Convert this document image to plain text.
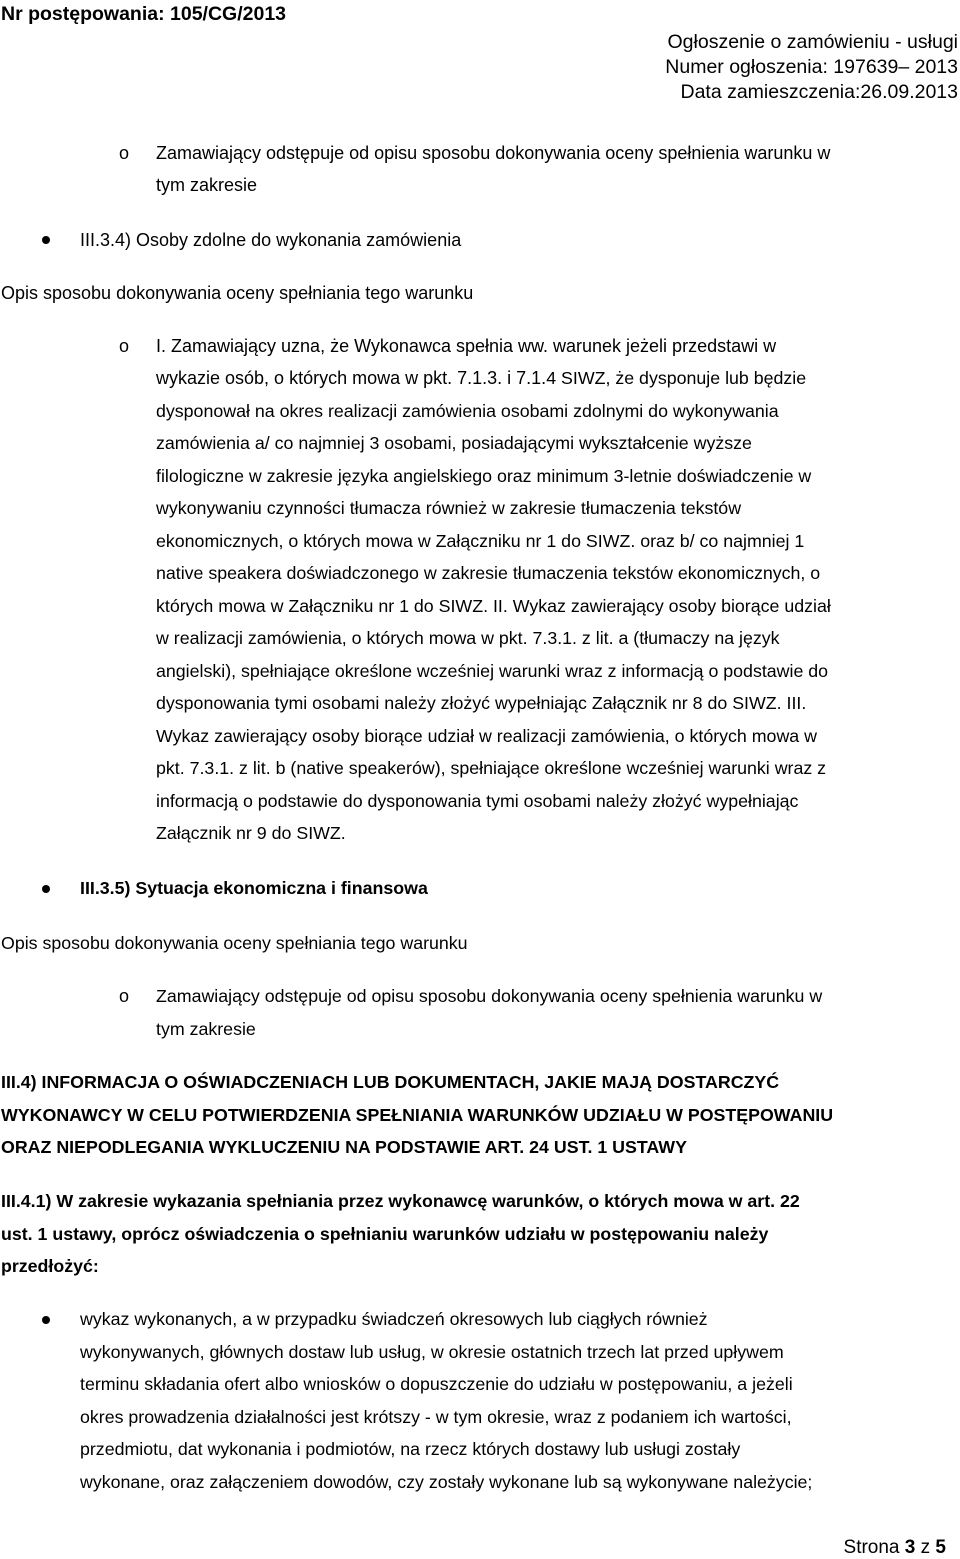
Nr postępowania: 105/CG/2013
Ogłoszenie o zamówieniu - usługi
Numer ogłoszenia: 197639– 2013
Data zamieszczenia:26.09.2013
o Zamawiający odstępuje od opisu sposobu dokonywania oceny spełnienia warunku w
tym zakresie
III.3.4) Osoby zdolne do wykonania zamówienia
Opis sposobu dokonywania oceny spełniania tego warunku
o I. Zamawiający uzna, że Wykonawca spełnia ww. warunek jeżeli przedstawi w
wykazie osób, o których mowa w pkt. 7.1.3. i 7.1.4 SIWZ, że dysponuje lub będzie
dysponował na okres realizacji zamówienia osobami zdolnymi do wykonywania
zamówienia a/ co najmniej 3 osobami, posiadającymi wykształcenie wyższe
filologiczne w zakresie języka angielskiego oraz minimum 3-letnie doświadczenie w
wykonywaniu czynności tłumacza również w zakresie tłumaczenia tekstów
ekonomicznych, o których mowa w Załączniku nr 1 do SIWZ. oraz b/ co najmniej 1
native speakera doświadczonego w zakresie tłumaczenia tekstów ekonomicznych, o
których mowa w Załączniku nr 1 do SIWZ. II. Wykaz zawierający osoby biorące udział
w realizacji zamówienia, o których mowa w pkt. 7.3.1. z lit. a (tłumaczy na język
angielski), spełniające określone wcześniej warunki wraz z informacją o podstawie do
dysponowania tymi osobami należy złożyć wypełniając Załącznik nr 8 do SIWZ. III.
Wykaz zawierający osoby biorące udział w realizacji zamówienia, o których mowa w
pkt. 7.3.1. z lit. b (native speakerów), spełniające określone wcześniej warunki wraz z
informacją o podstawie do dysponowania tymi osobami należy złożyć wypełniając
Załącznik nr 9 do SIWZ.
III.3.5) Sytuacja ekonomiczna i finansowa
Opis sposobu dokonywania oceny spełniania tego warunku
o Zamawiający odstępuje od opisu sposobu dokonywania oceny spełnienia warunku w
tym zakresie
III.4) INFORMACJA O OŚWIADCZENIACH LUB DOKUMENTACH, JAKIE MAJĄ DOSTARCZYĆ
WYKONAWCY W CELU POTWIERDZENIA SPEŁNIANIA WARUNKÓW UDZIAŁU W POSTĘPOWANIU
ORAZ NIEPODLEGANIA WYKLUCZENIU NA PODSTAWIE ART. 24 UST. 1 USTAWY
III.4.1) W zakresie wykazania spełniania przez wykonawcę warunków, o których mowa w art. 22
ust. 1 ustawy, oprócz oświadczenia o spełnianiu warunków udziału w postępowaniu należy
przedłożyć:
wykaz wykonanych, a w przypadku świadczeń okresowych lub ciągłych również
wykonywanych, głównych dostaw lub usług, w okresie ostatnich trzech lat przed upływem
terminu składania ofert albo wniosków o dopuszczenie do udziału w postępowaniu, a jeżeli
okres prowadzenia działalności jest krótszy - w tym okresie, wraz z podaniem ich wartości,
przedmiotu, dat wykonania i podmiotów, na rzecz których dostawy lub usługi zostały
wykonane, oraz załączeniem dowodów, czy zostały wykonane lub są wykonywane należycie;
Strona 3 z 5
